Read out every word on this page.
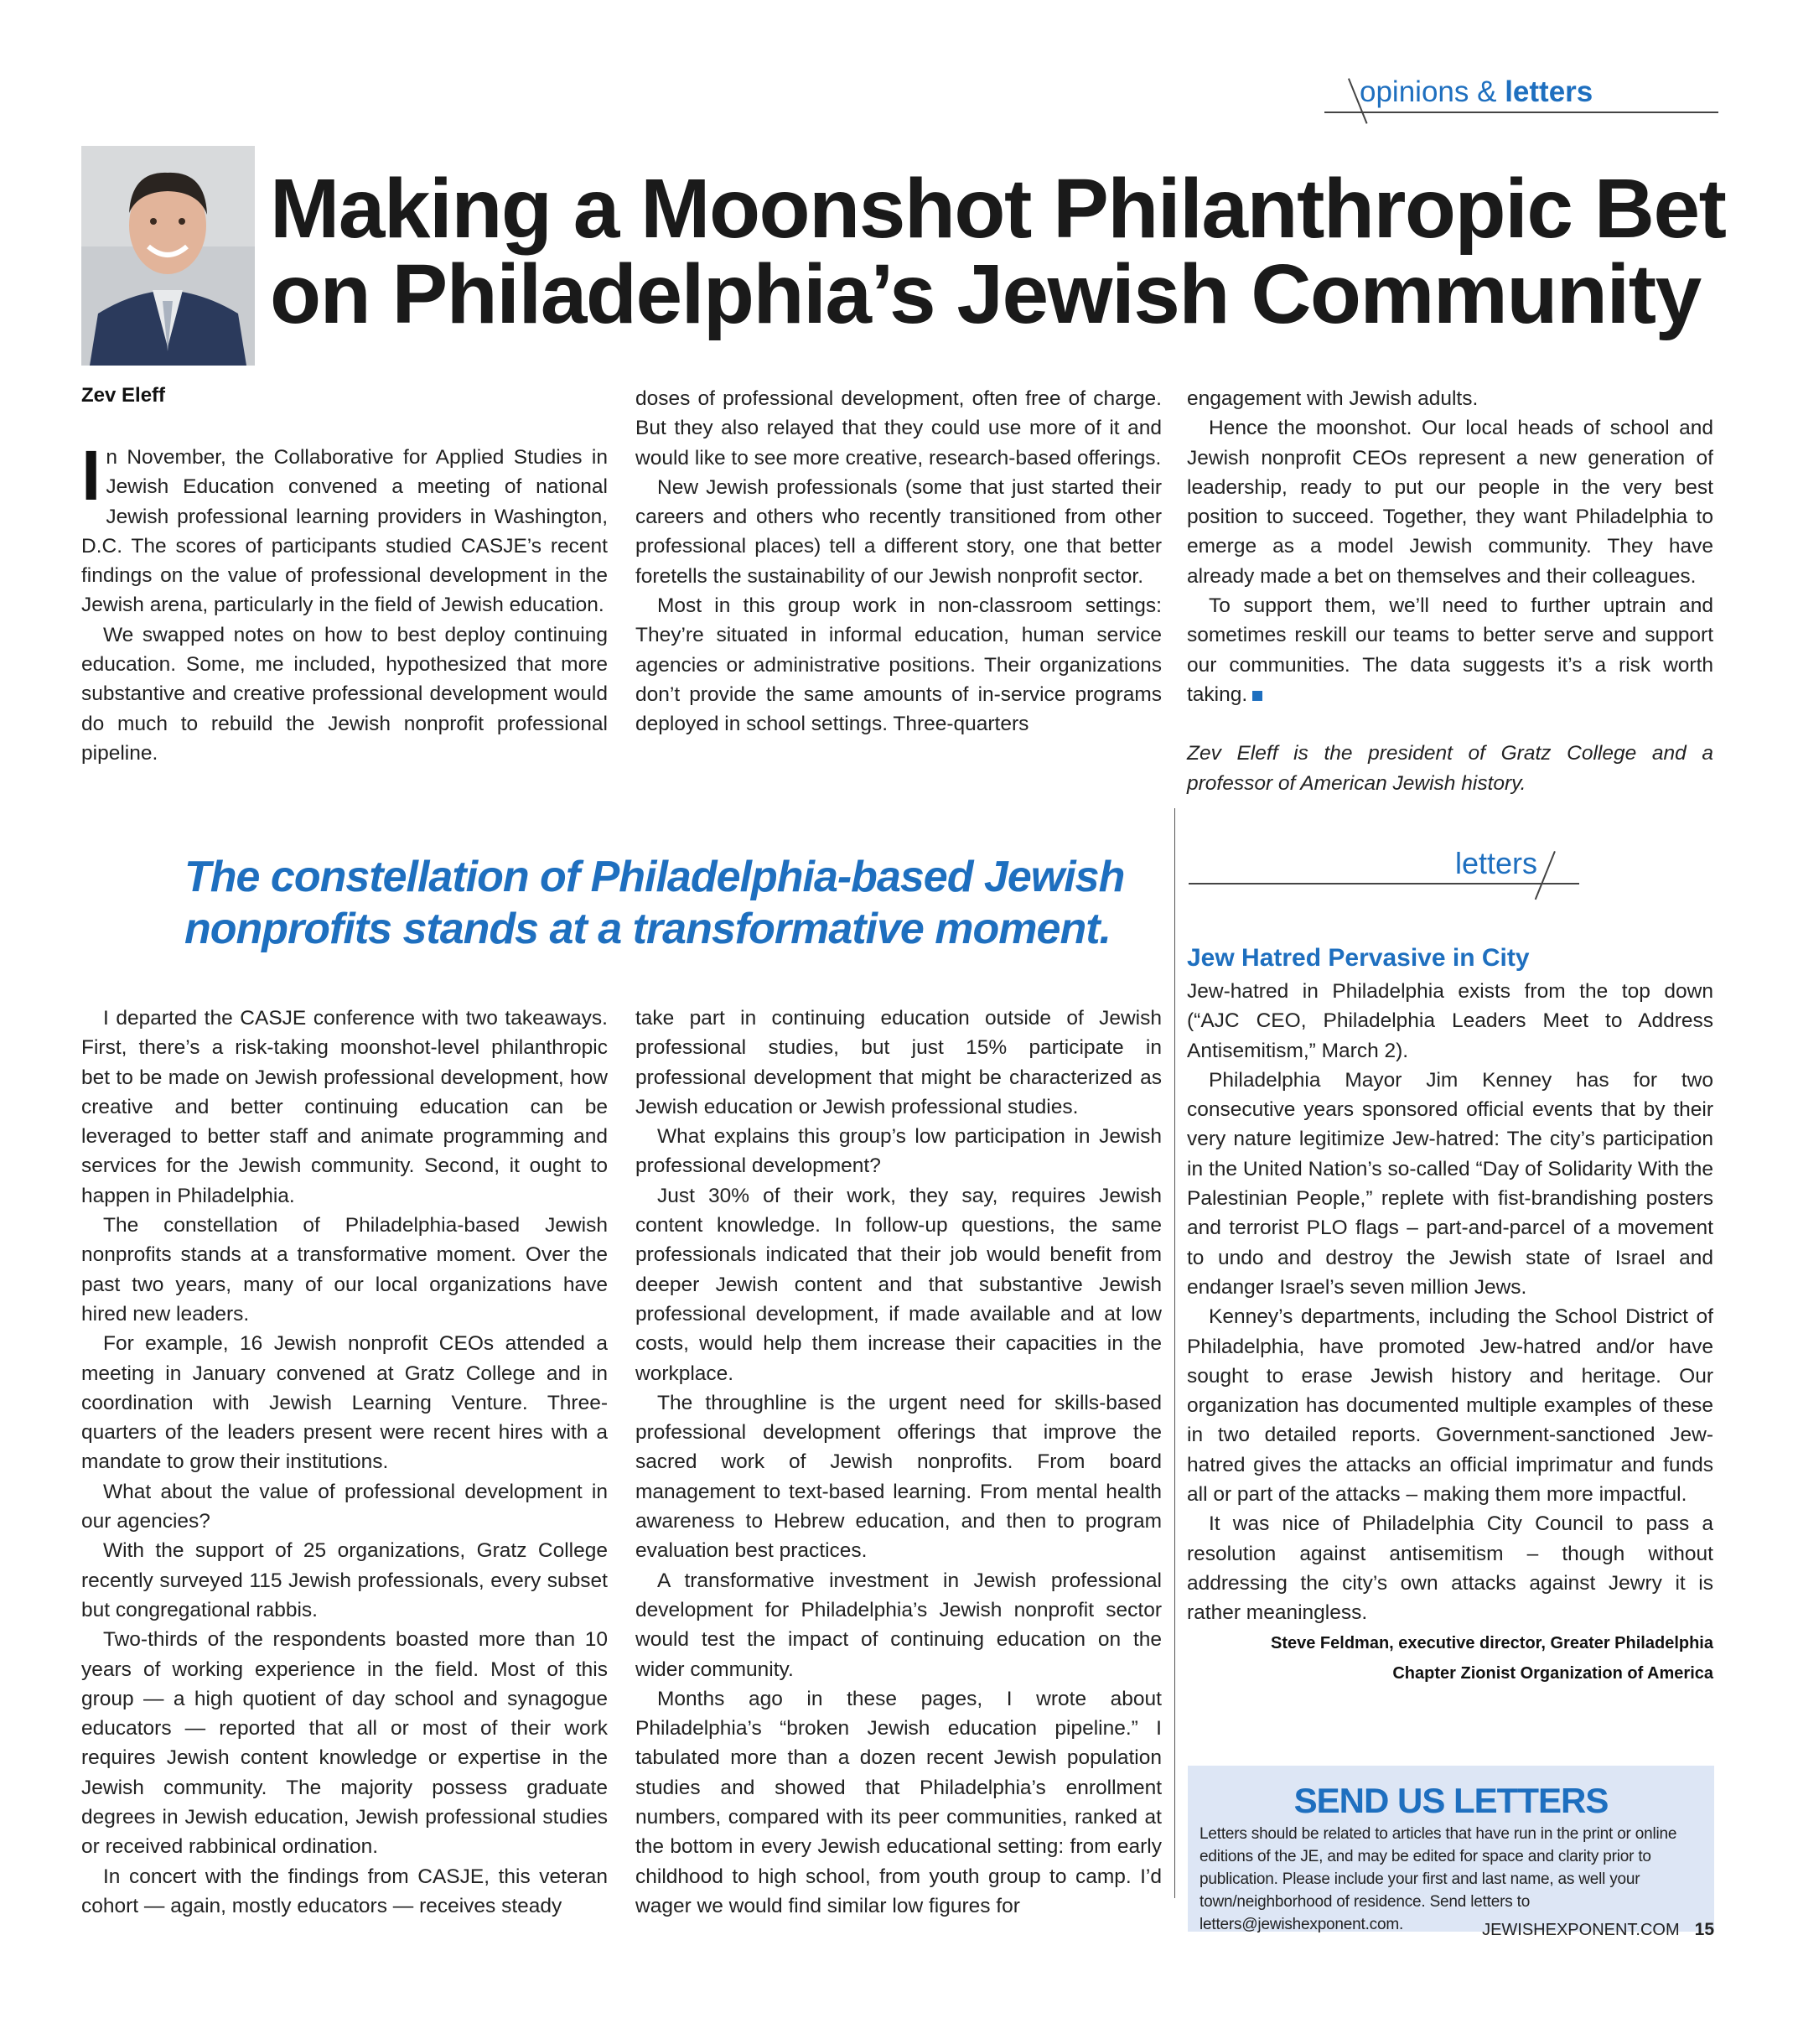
opinions & letters
Making a Moonshot Philanthropic Bet
on Philadelphia’s Jewish Community
Zev Eleff

In November, the Collaborative for Applied Studies in Jewish Education convened a meeting of national Jewish professional learning providers in Washington, D.C. The scores of participants studied CASJE’s recent findings on the value of professional development in the Jewish arena, particularly in the field of Jewish education.

We swapped notes on how to best deploy continuing education. Some, me included, hypothesized that more substantive and creative professional development would do much to rebuild the Jewish nonprofit professional pipeline.

doses of professional development, often free of charge. But they also relayed that they could use more of it and would like to see more creative, research-based offerings.

New Jewish professionals (some that just started their careers and others who recently transitioned from other professional places) tell a different story, one that better foretells the sustainability of our Jewish nonprofit sector.

Most in this group work in non-classroom settings: They’re situated in informal education, human service agencies or administrative positions. Their organizations don’t provide the same amounts of in-service programs deployed in school settings. Three-quarters

engagement with Jewish adults.

Hence the moonshot. Our local heads of school and Jewish nonprofit CEOs represent a new generation of leadership, ready to put our people in the very best position to succeed. Together, they want Philadelphia to emerge as a model Jewish community. They have already made a bet on themselves and their colleagues.

To support them, we’ll need to further uptrain and sometimes reskill our teams to better serve and support our communities. The data suggests it’s a risk worth taking.

Zev Eleff is the president of Gratz College and a professor of American Jewish history.

The constellation of Philadelphia-based Jewish
nonprofits stands at a transformative moment.
letters

I departed the CASJE conference with two takeaways. First, there’s a risk-taking moonshot-level philanthropic bet to be made on Jewish professional development, how creative and better continuing education can be leveraged to better staff and animate programming and services for the Jewish community. Second, it ought to happen in Philadelphia.

The constellation of Philadelphia-based Jewish nonprofits stands at a transformative moment. Over the past two years, many of our local organizations have hired new leaders.

For example, 16 Jewish nonprofit CEOs attended a meeting in January convened at Gratz College and in coordination with Jewish Learning Venture. Three-quarters of the leaders present were recent hires with a mandate to grow their institutions.

What about the value of professional development in our agencies?

With the support of 25 organizations, Gratz College recently surveyed 115 Jewish professionals, every subset but congregational rabbis.

Two-thirds of the respondents boasted more than 10 years of working experience in the field. Most of this group — a high quotient of day school and synagogue educators — reported that all or most of their work requires Jewish content knowledge or expertise in the Jewish community. The majority possess graduate degrees in Jewish education, Jewish professional studies or received rabbinical ordination.

In concert with the findings from CASJE, this veteran cohort — again, mostly educators — receives steady

take part in continuing education outside of Jewish professional studies, but just 15% participate in professional development that might be characterized as Jewish education or Jewish professional studies.

What explains this group’s low participation in Jewish professional development?

Just 30% of their work, they say, requires Jewish content knowledge. In follow-up questions, the same professionals indicated that their job would benefit from deeper Jewish content and that substantive Jewish professional development, if made available and at low costs, would help them increase their capacities in the workplace.

The throughline is the urgent need for skills-based professional development offerings that improve the sacred work of Jewish nonprofits. From board management to text-based learning. From mental health awareness to Hebrew education, and then to program evaluation best practices.

A transformative investment in Jewish professional development for Philadelphia’s Jewish nonprofit sector would test the impact of continuing education on the wider community.

Months ago in these pages, I wrote about Philadelphia’s “broken Jewish education pipeline.” I tabulated more than a dozen recent Jewish population studies and showed that Philadelphia’s enrollment numbers, compared with its peer communities, ranked at the bottom in every Jewish educational setting: from early childhood to high school, from youth group to camp. I’d wager we would find similar low figures for

Jew Hatred Pervasive in City

Jew-hatred in Philadelphia exists from the top down (“AJC CEO, Philadelphia Leaders Meet to Address Antisemitism,” March 2).

Philadelphia Mayor Jim Kenney has for two consecutive years sponsored official events that by their very nature legitimize Jew-hatred: The city’s participation in the United Nation’s so-called “Day of Solidarity With the Palestinian People,” replete with fist-brandishing posters and terrorist PLO flags – part-and-parcel of a movement to undo and destroy the Jewish state of Israel and endanger Israel’s seven million Jews.

Kenney’s departments, including the School District of Philadelphia, have promoted Jew-hatred and/or have sought to erase Jewish history and heritage. Our organization has documented multiple examples of these in two detailed reports. Government-sanctioned Jew-hatred gives the attacks an official imprimatur and funds all or part of the attacks – making them more impactful.

It was nice of Philadelphia City Council to pass a resolution against antisemitism – though without addressing the city’s own attacks against Jewry it is rather meaningless.

Steve Feldman, executive director, Greater Philadelphia
Chapter Zionist Organization of America
SEND US LETTERS
Letters should be related to articles that have run in the print or online editions of the JE, and may be edited for space and clarity prior to publication. Please include your first and last name, as well your town/neighborhood of residence. Send letters to letters@jewishexponent.com.	JEWISHEXPONENT.COM 15
